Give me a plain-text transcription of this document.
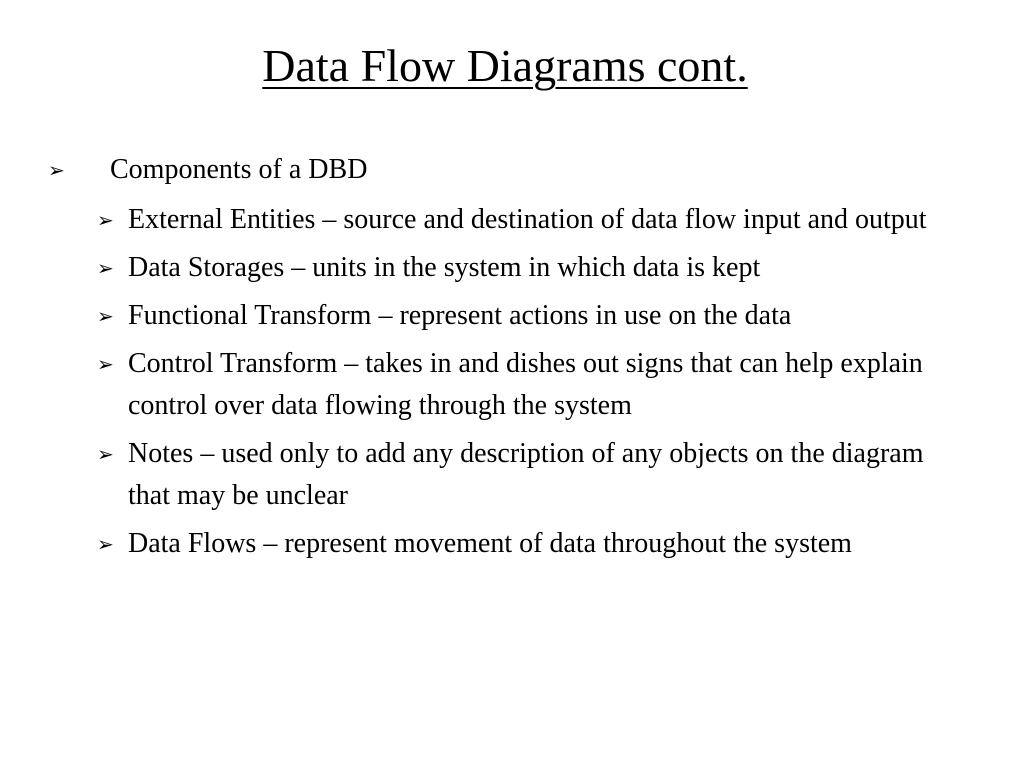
Data Flow Diagrams cont.
➢	Components of a DBD
➢ External Entities – source and destination of data flow input and output
➢ Data Storages – units in the system in which data is kept
➢ Functional Transform – represent actions in use on the data
➢ Control Transform – takes in and dishes out signs that can help explain control over data flowing through the system
➢ Notes – used only to add any description of any objects on the diagram that may be unclear
➢ Data Flows – represent movement of data throughout the system
